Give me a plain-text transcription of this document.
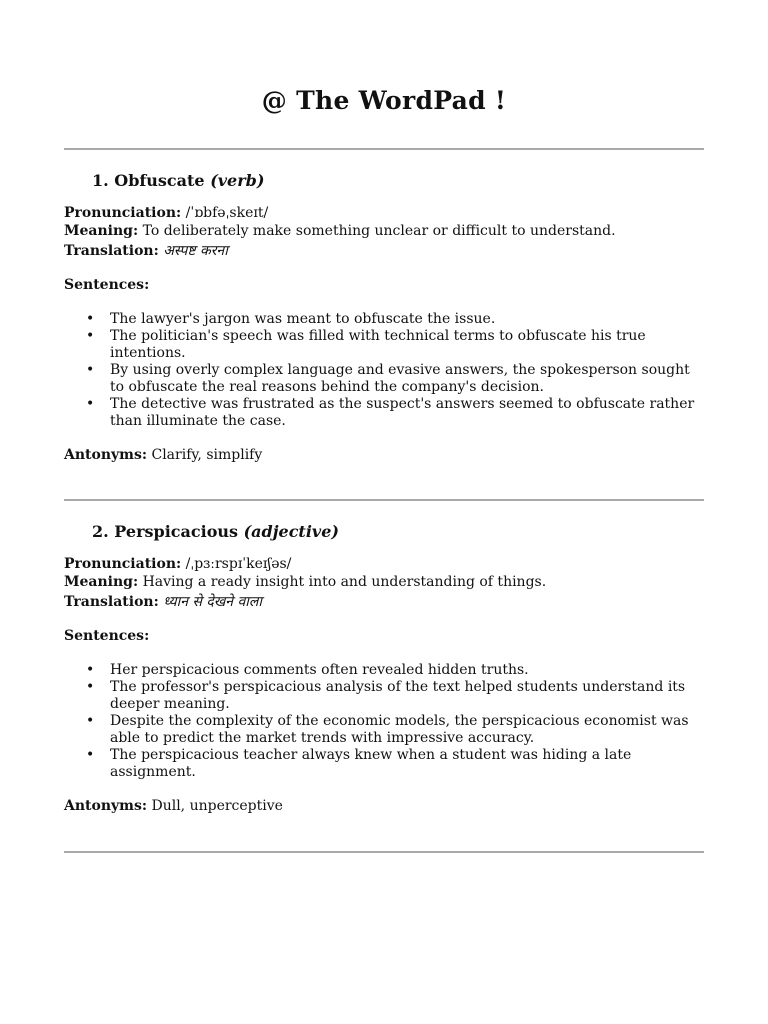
@ The WordPad !

1. Obfuscate (verb)

Pronunciation: /ˈɒbfəˌskeɪt/

Meaning: To deliberately make something unclear or difficult to understand.

Translation: अस्पष्ट करना

Sentences:

• The lawyer's jargon was meant to obfuscate the issue.
• The politician's speech was filled with technical terms to obfuscate his true intentions.
• By using overly complex language and evasive answers, the spokesperson sought to obfuscate the real reasons behind the company's decision.
• The detective was frustrated as the suspect's answers seemed to obfuscate rather than illuminate the case.

Antonyms: Clarify, simplify

2. Perspicacious (adjective)

Pronunciation: /ˌpɜːrspɪˈkeɪʃəs/

Meaning: Having a ready insight into and understanding of things.

Translation: ध्यान से देखने वाला

Sentences:

• Her perspicacious comments often revealed hidden truths.
• The professor's perspicacious analysis of the text helped students understand its deeper meaning.
• Despite the complexity of the economic models, the perspicacious economist was able to predict the market trends with impressive accuracy.
• The perspicacious teacher always knew when a student was hiding a late assignment.

Antonyms: Dull, unperceptive
